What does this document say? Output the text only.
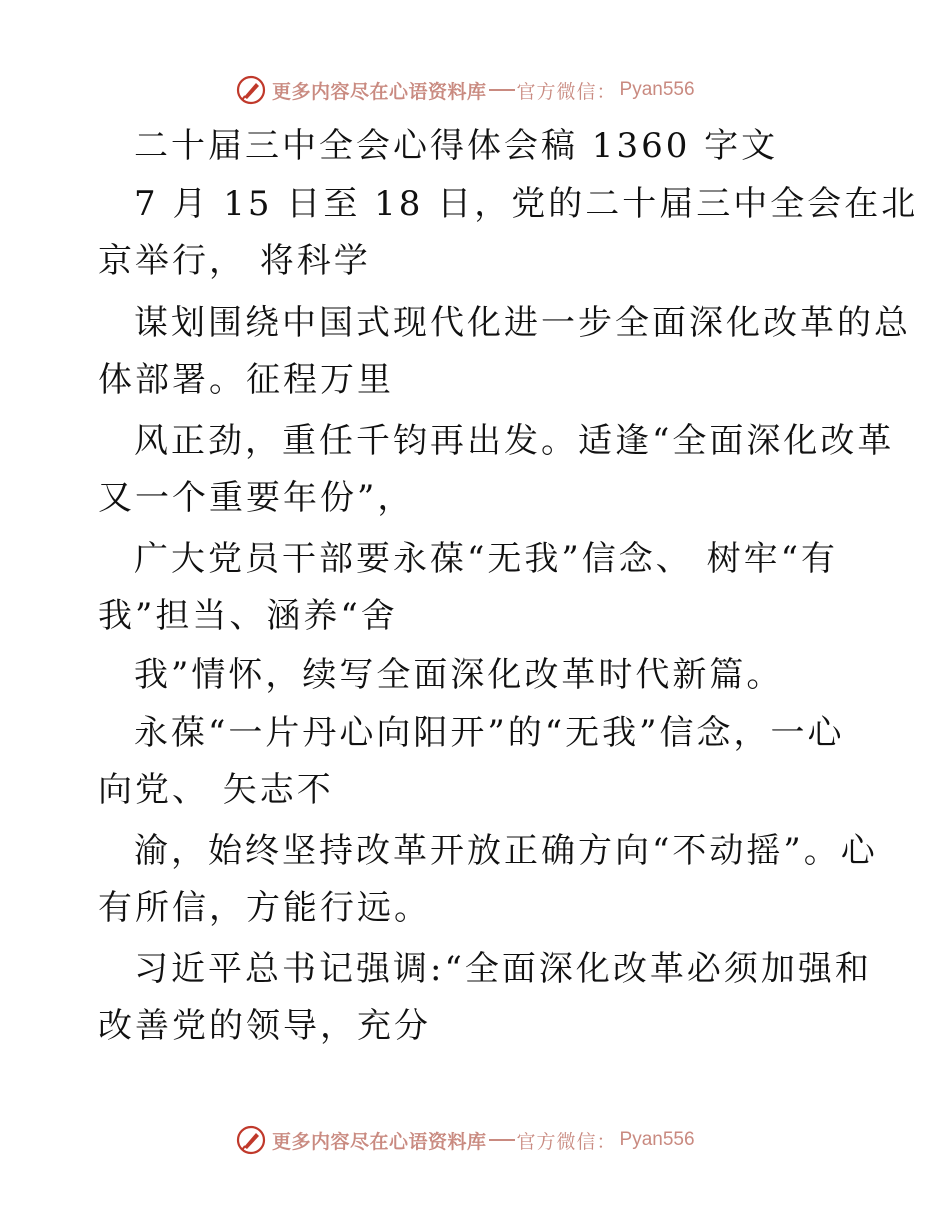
更多内容尽在心语资料库 官方微信 ： Pyan556
二十届三中全会心得体会稿 1360 字文
7 月 15 日至 18 日，党的二十届三中全会在北
京举行， 将科学
谋划围绕中国式现代化进一步全面深化改革的总
体部署。征程万里
风正劲，重任千钧再出发。适逢“全面深化改革
又一个重要年份”，
广大党员干部要永葆“无我”信念、 树牢“有
我”担当、涵养“舍
我”情怀，续写全面深化改革时代新篇。
永葆“一片丹心向阳开”的“无我”信念，一心
向党、 矢志不
渝，始终坚持改革开放正确方向“不动摇”。心
有所信，方能行远。
习近平总书记强调:“全面深化改革必须加强和
改善党的领导，充分
更多内容尽在心语资料库 官方微信 ： Pyan556
